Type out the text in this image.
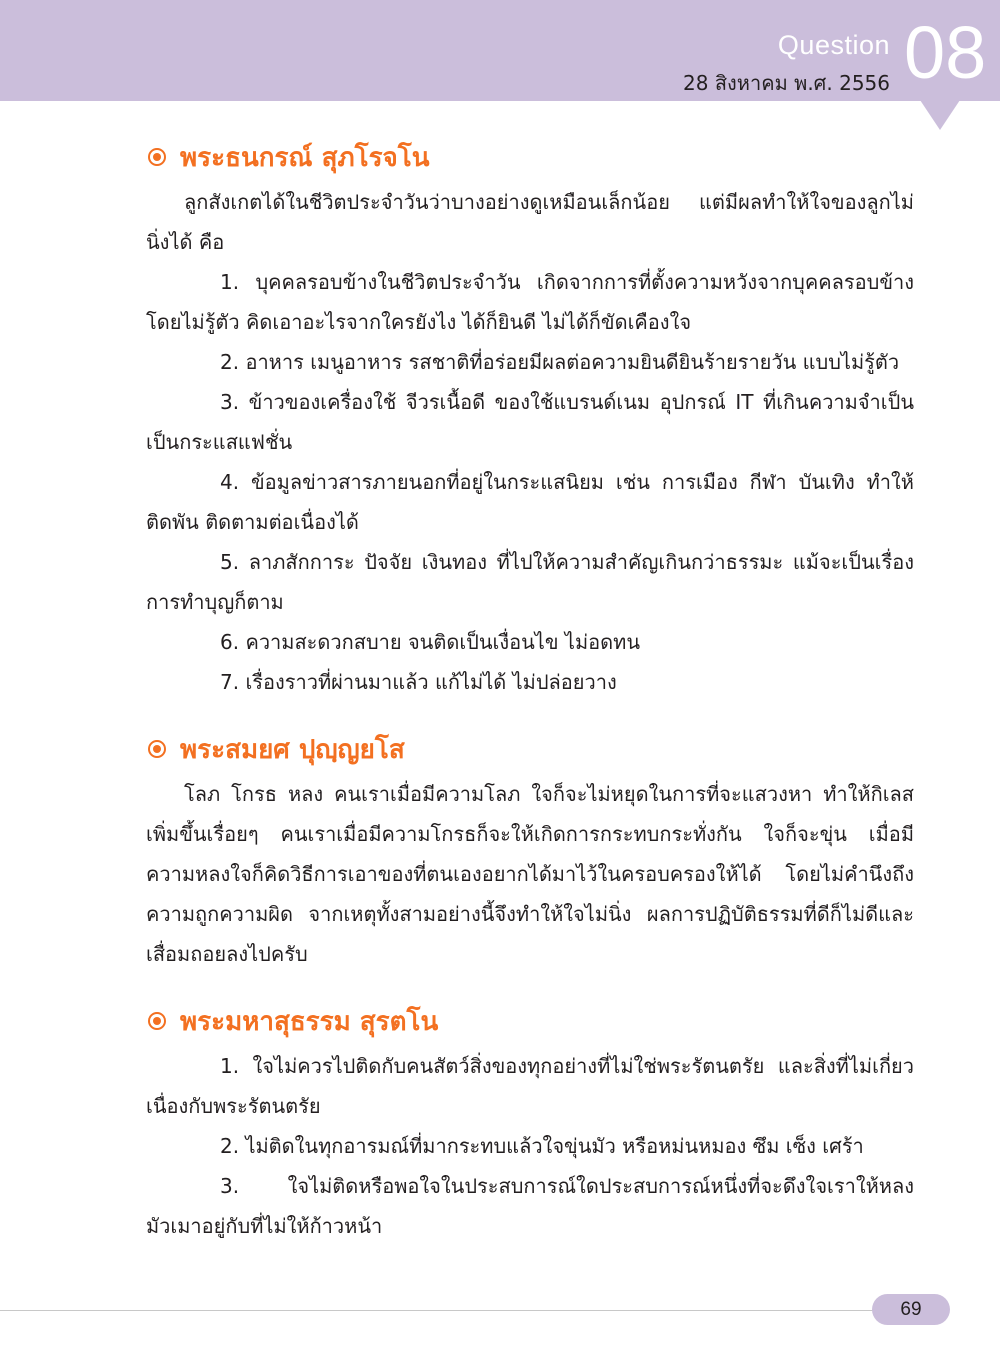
Question
28 สิงหาคม พ.ศ. 2556 08
พระธนกรณ์ สุภโรจโน

ลูกสังเกตได้ในชีวิตประจำวันว่าบางอย่างดูเหมือนเล็กน้อย แต่มีผลทำให้ใจของลูกไม่นิ่งได้ คือ

1. บุคคลรอบข้างในชีวิตประจำวัน เกิดจากการที่ตั้งความหวังจากบุคคลรอบข้างโดยไม่รู้ตัว คิดเอาอะไรจากใครยังไง ได้ก็ยินดี ไม่ได้ก็ขัดเคืองใจ

2. อาหาร เมนูอาหาร รสชาติที่อร่อยมีผลต่อความยินดียินร้ายรายวัน แบบไม่รู้ตัว

3. ข้าวของเครื่องใช้ จีวรเนื้อดี ของใช้แบรนด์เนม อุปกรณ์ IT ที่เกินความจำเป็นเป็นกระแสแฟชั่น

4. ข้อมูลข่าวสารภายนอกที่อยู่ในกระแสนิยม เช่น การเมือง กีฬา บันเทิง ทำให้ติดพัน ติดตามต่อเนื่องได้

5. ลาภสักการะ ปัจจัย เงินทอง ที่ไปให้ความสำคัญเกินกว่าธรรมะ แม้จะเป็นเรื่องการทำบุญก็ตาม

6. ความสะดวกสบาย จนติดเป็นเงื่อนไข ไม่อดทน

7. เรื่องราวที่ผ่านมาแล้ว แก้ไม่ได้ ไม่ปล่อยวาง

พระสมยศ ปุญฺญยโส

โลภ โกรธ หลง คนเราเมื่อมีความโลภ ใจก็จะไม่หยุดในการที่จะแสวงหา ทำให้กิเลสเพิ่มขึ้นเรื่อยๆ คนเราเมื่อมีความโกรธก็จะให้เกิดการกระทบกระทั่งกัน ใจก็จะขุ่น เมื่อมีความหลงใจก็คิดวิธีการเอาของที่ตนเองอยากได้มาไว้ในครอบครองให้ได้ โดยไม่คำนึงถึงความถูกความผิด จากเหตุทั้งสามอย่างนี้จึงทำให้ใจไม่นิ่ง ผลการปฏิบัติธรรมที่ดีก็ไม่ดีและเสื่อมถอยลงไปครับ

พระมหาสุธรรม สุรตโน

1. ใจไม่ควรไปติดกับคนสัตว์สิ่งของทุกอย่างที่ไม่ใช่พระรัตนตรัย และสิ่งที่ไม่เกี่ยวเนื่องกับพระรัตนตรัย

2. ไม่ติดในทุกอารมณ์ที่มากระทบแล้วใจขุ่นมัว หรือหม่นหมอง ซึม เซ็ง เศร้า

3. ใจไม่ติดหรือพอใจในประสบการณ์ใดประสบการณ์หนึ่งที่จะดึงใจเราให้หลงมัวเมาอยู่กับที่ไม่ให้ก้าวหน้า

69
